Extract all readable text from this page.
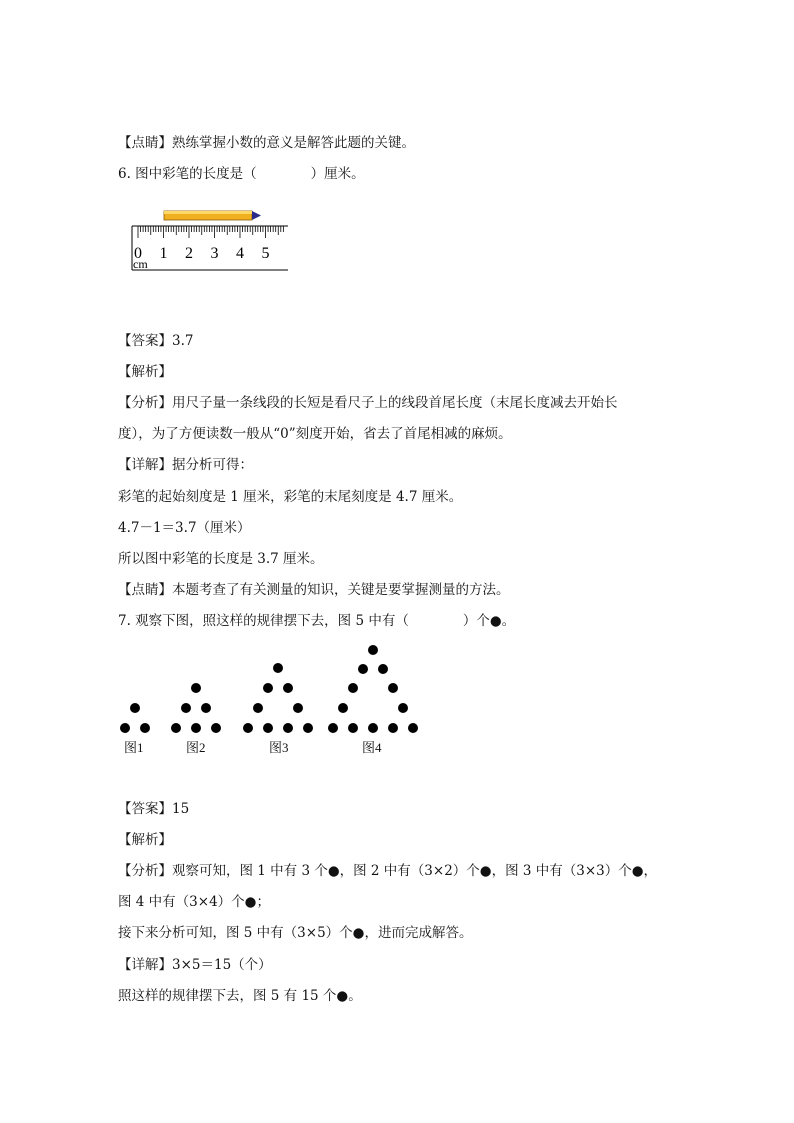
【点睛】熟练掌握小数的意义是解答此题的关键。
6. 图中彩笔的长度是（　　　　）厘米。
0 1 2 3 4 5
cm
【答案】3.7
【解析】
【分析】用尺子量一条线段的长短是看尺子上的线段首尾长度（末尾长度减去开始长
度），为了方便读数一般从“0”刻度开始，省去了首尾相减的麻烦。
【详解】据分析可得：
彩笔的起始刻度是 1 厘米，彩笔的末尾刻度是 4.7 厘米。
4.7－1＝3.7（厘米）
所以图中彩笔的长度是 3.7 厘米。
【点睛】本题考查了有关测量的知识，关键是要掌握测量的方法。
7. 观察下图，照这样的规律摆下去，图 5 中有（　　　　）个●。
图1	图2	图3	图4
【答案】15
【解析】
【分析】观察可知，图 1 中有 3 个●，图 2 中有（3×2）个●，图 3 中有（3×3）个●，
图 4 中有（3×4）个●；
接下来分析可知，图 5 中有（3×5）个●，进而完成解答。
【详解】3×5＝15（个）
照这样的规律摆下去，图 5 有 15 个●。
